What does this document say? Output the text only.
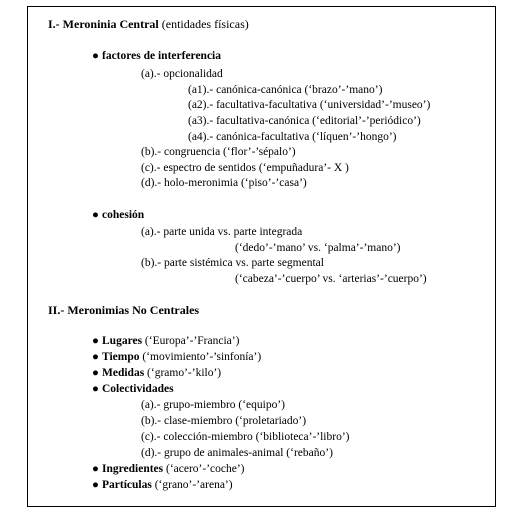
I.- Meroninia Central (entidades físicas)
● factores de interferencia
(a).- opcionalidad
(a1).- canónica-canónica (‘brazo’-’mano’)
(a2).- facultativa-facultativa (‘universidad’-’museo’)
(a3).- facultativa-canónica (‘editorial’-’periódico’)
(a4).- canónica-facultativa (‘líquen’-’hongo’)
(b).- congruencia (‘flor’-’sépalo’)
(c).- espectro de sentidos (‘empuñadura’- X )
(d).- holo-meronimia (‘piso’-’casa’)
● cohesión
(a).- parte unida vs. parte integrada
(‘dedo’-’mano’ vs. ‘palma’-’mano’)
(b).- parte sistémica vs. parte segmental
(‘cabeza’-’cuerpo’ vs. ‘arterias’-’cuerpo’)
II.- Meronimias No Centrales
● Lugares (‘Europa’-’Francia’)
● Tiempo (‘movimiento’-’sinfonía’)
● Medidas (‘gramo’-’kilo’)
● Colectividades
(a).- grupo-miembro (‘equipo’)
(b).- clase-miembro (‘proletariado’)
(c).- colección-miembro (‘biblioteca’-’libro’)
(d).- grupo de animales-animal (‘rebaño’)
● Ingredientes (‘acero’-’coche’)
● Partículas (‘grano’-’arena’)
